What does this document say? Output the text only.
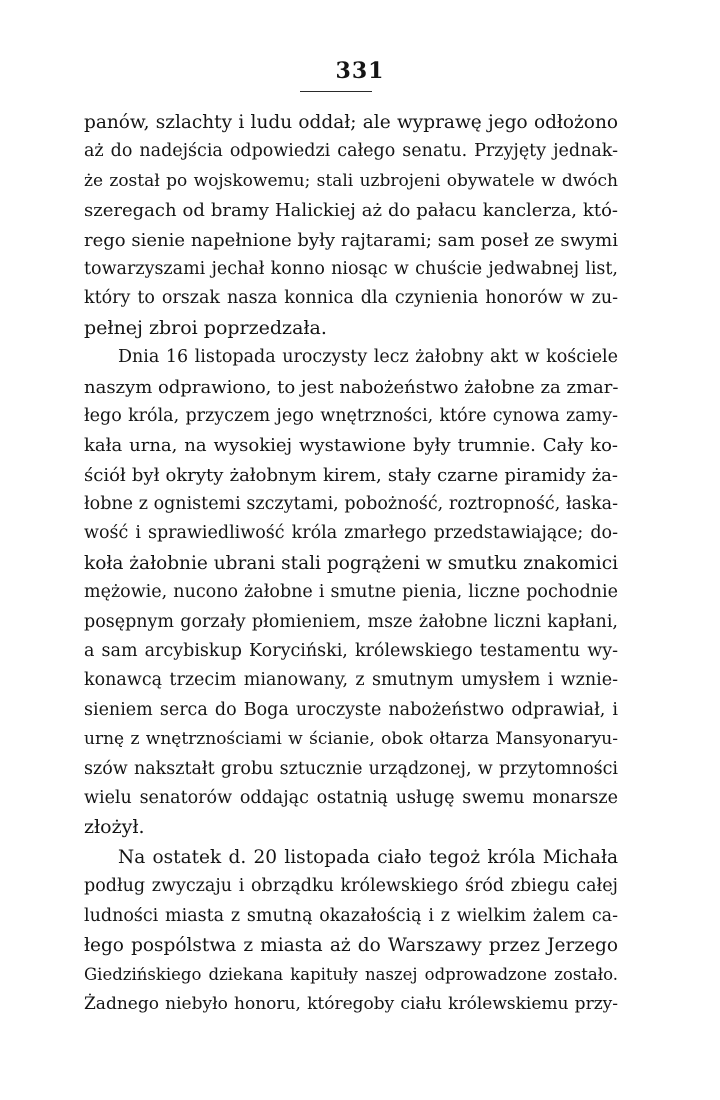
331
panów, szlachty i ludu oddał; ale wyprawę jego odłożono
aż do nadejścia odpowiedzi całego senatu. Przyjęty jednak-
że został po wojskowemu; stali uzbrojeni obywatele w dwóch
szeregach od bramy Halickiej aż do pałacu kanclerza, któ-
rego sienie napełnione były rajtarami; sam poseł ze swymi
towarzyszami jechał konno niosąc w chuście jedwabnej list,
który to orszak nasza konnica dla czynienia honorów w zu-
pełnej zbroi poprzedzała.
Dnia 16 listopada uroczysty lecz żałobny akt w kościele
naszym odprawiono, to jest nabożeństwo żałobne za zmar-
łego króla, przyczem jego wnętrzności, które cynowa zamy-
kała urna, na wysokiej wystawione były trumnie. Cały ko-
ściół był okryty żałobnym kirem, stały czarne piramidy ża-
łobne z ognistemi szczytami, pobożność, roztropność, łaska-
wość i sprawiedliwość króla zmarłego przedstawiające; do-
koła żałobnie ubrani stali pogrążeni w smutku znakomici
mężowie, nucono żałobne i smutne pienia, liczne pochodnie
posępnym gorzały płomieniem, msze żałobne liczni kapłani,
a sam arcybiskup Koryciński, królewskiego testamentu wy-
konawcą trzecim mianowany, z smutnym umysłem i wznie-
sieniem serca do Boga uroczyste nabożeństwo odprawiał, i
urnę z wnętrznościami w ścianie, obok ołtarza Mansyonaryu-
szów nakształt grobu sztucznie urządzonej, w przytomności
wielu senatorów oddając ostatnią usługę swemu monarsze
złożył.
Na ostatek d. 20 listopada ciało tegoż króla Michała
podług zwyczaju i obrządku królewskiego śród zbiegu całej
ludności miasta z smutną okazałością i z wielkim żalem ca-
łego pospólstwa z miasta aż do Warszawy przez Jerzego
Giedzińskiego dziekana kapituły naszej odprowadzone zostało.
Żadnego niebyło honoru, któregoby ciału królewskiemu przy-
